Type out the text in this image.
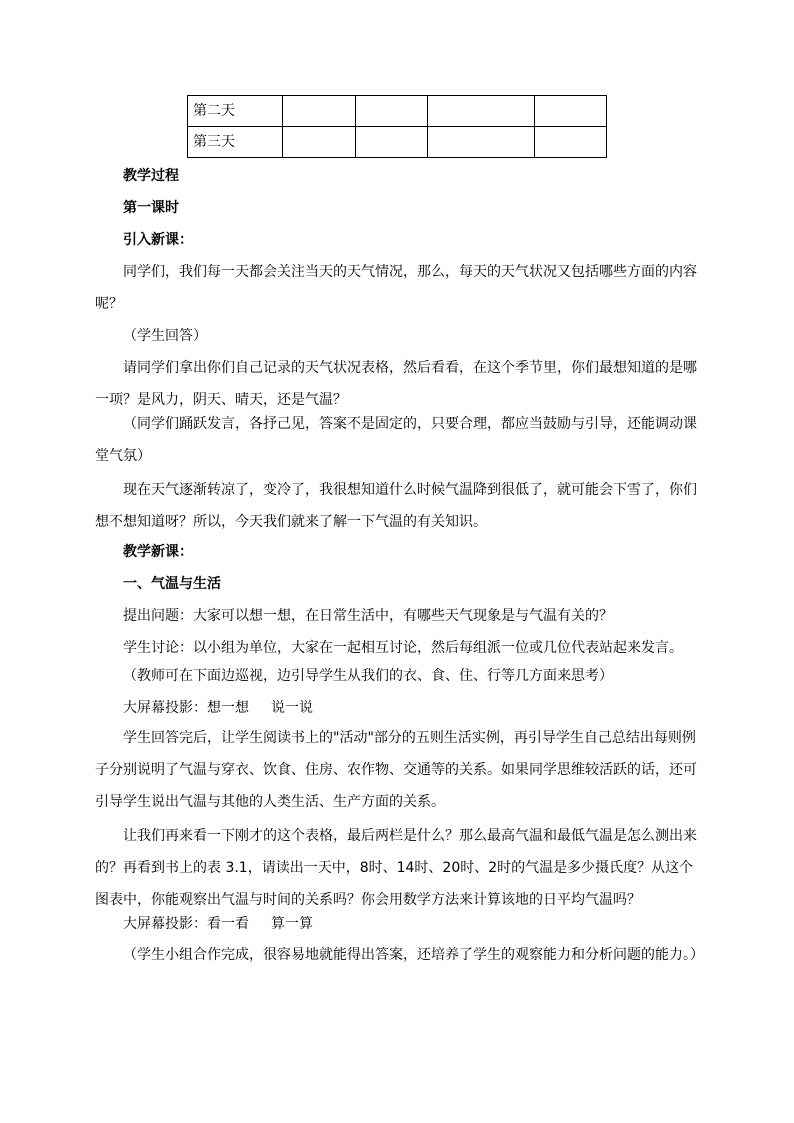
第二天				
第三天				
教学过程
第一课时
引入新课：
同学们，我们每一天都会关注当天的天气情况，那么，每天的天气状况又包括哪些方面的内容呢？
（学生回答）
请同学们拿出你们自己记录的天气状况表格，然后看看，在这个季节里，你们最想知道的是哪一项？是风力，阴天、晴天，还是气温？
（同学们踊跃发言，各抒己见，答案不是固定的，只要合理，都应当鼓励与引导，还能调动课堂气氛）
现在天气逐渐转凉了，变冷了，我很想知道什么时候气温降到很低了，就可能会下雪了，你们想不想知道呀？所以，今天我们就来了解一下气温的有关知识。
教学新课：
一、气温与生活
提出问题：大家可以想一想，在日常生活中，有哪些天气现象是与气温有关的？
学生讨论：以小组为单位，大家在一起相互讨论，然后每组派一位或几位代表站起来发言。
（教师可在下面边巡视，边引导学生从我们的衣、食、住、行等几方面来思考）
大屏幕投影：想一想 说一说
学生回答完后，让学生阅读书上的"活动"部分的五则生活实例，再引导学生自己总结出每则例子分别说明了气温与穿衣、饮食、住房、农作物、交通等的关系。如果同学思维较活跃的话，还可引导学生说出气温与其他的人类生活、生产方面的关系。
让我们再来看一下刚才的这个表格，最后两栏是什么？那么最高气温和最低气温是怎么测出来的？再看到书上的表 3.1，请读出一天中，8时、14时、20时、2时的气温是多少摄氏度？从这个图表中，你能观察出气温与时间的关系吗？你会用数学方法来计算该地的日平均气温吗？
大屏幕投影：看一看 算一算
（学生小组合作完成，很容易地就能得出答案，还培养了学生的观察能力和分析问题的能力。）
